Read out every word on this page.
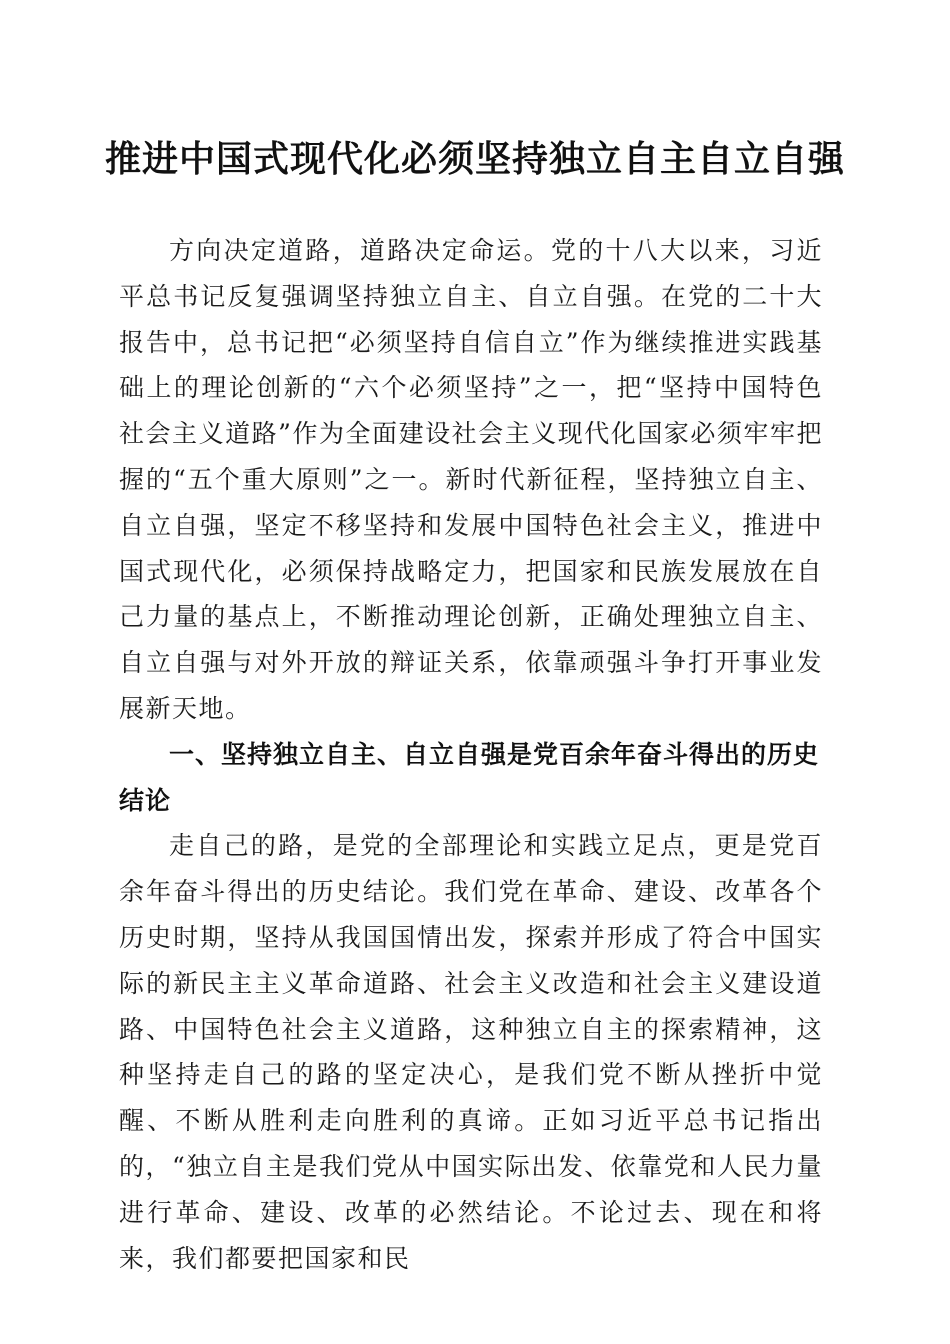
推进中国式现代化必须坚持独立自主自立自强

方向决定道路，道路决定命运。党的十八大以来，习近平总书记反复强调坚持独立自主、自立自强。在党的二十大报告中，总书记把“必须坚持自信自立”作为继续推进实践基础上的理论创新的“六个必须坚持”之一，把“坚持中国特色社会主义道路”作为全面建设社会主义现代化国家必须牢牢把握的“五个重大原则”之一。新时代新征程，坚持独立自主、自立自强，坚定不移坚持和发展中国特色社会主义，推进中国式现代化，必须保持战略定力，把国家和民族发展放在自己力量的基点上，不断推动理论创新，正确处理独立自主、自立自强与对外开放的辩证关系，依靠顽强斗争打开事业发展新天地。

一、坚持独立自主、自立自强是党百余年奋斗得出的历史结论

走自己的路，是党的全部理论和实践立足点，更是党百余年奋斗得出的历史结论。我们党在革命、建设、改革各个历史时期，坚持从我国国情出发，探索并形成了符合中国实际的新民主主义革命道路、社会主义改造和社会主义建设道路、中国特色社会主义道路，这种独立自主的探索精神，这种坚持走自己的路的坚定决心，是我们党不断从挫折中觉醒、不断从胜利走向胜利的真谛。正如习近平总书记指出的，“独立自主是我们党从中国实际出发、依靠党和人民力量进行革命、建设、改革的必然结论。不论过去、现在和将来，我们都要把国家和民
